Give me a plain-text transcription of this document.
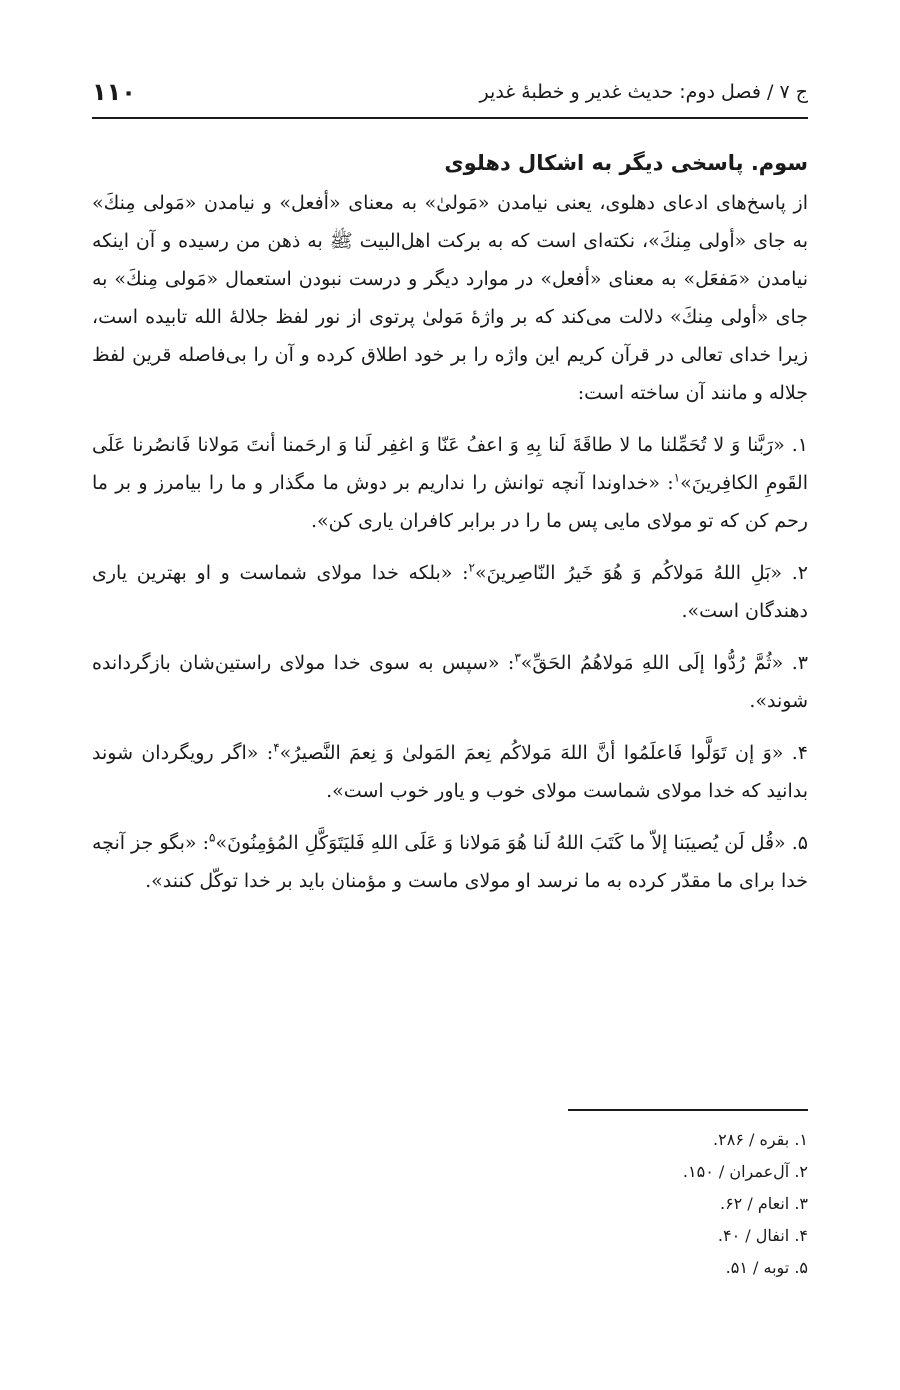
ج ٧ / فصل دوم: حدیث غدیر و خطبهٔ غدیر
١١٠
سوم. پاسخی دیگر به اشکال دهلوی

از پاسخ‌های ادعای دهلوی، یعنی نیامدن «مَولیٰ» به معنای «أفعل» و نیامدن «مَولی مِنكَ» به جای «أولی مِنكَ»، نکته‌ای است که به برکت اهل‌البیت ﷺ به ذهن من رسیده و آن اینکه نیامدن «مَفعَل» به معنای «أفعل» در موارد دیگر و درست نبودن استعمال «مَولی مِنكَ» به جای «أولی مِنكَ» دلالت می‌کند که بر واژهٔ مَولیٰ پرتوی از نور لفظ جلالهٔ الله تابیده است، زیرا خدای تعالی در قرآن کریم این واژه را بر خود اطلاق کرده و آن را بی‌فاصله قرین لفظ جلاله و مانند آن ساخته است:

١. «رَبَّنا وَ لا تُحَمِّلنا ما لا طاقَةَ لَنا بِهِ وَ اعفُ عَنّا وَ اغفِر لَنا وَ ارحَمنا أنتَ مَولانا فَانصُرنا عَلَى القَومِ الكافِرينَ»$^١$: «خداوندا آنچه توانش را نداریم بر دوش ما مگذار و ما را بیامرز و بر ما رحم کن که تو مولای مایی پس ما را در برابر کافران یاری کن».

٢. «بَلِ اللهُ مَولاكُم وَ هُوَ خَيرُ النّاصِرينَ»$^٢$: «بلکه خدا مولای شماست و او بهترین یاری دهندگان است».

٣. «ثُمَّ رُدُّوا إلَى اللهِ مَولاهُمُ الحَقِّ»$^٣$: «سپس به سوی خدا مولای راستین‌شان بازگردانده شوند».

۴. «وَ إن تَوَلَّوا فَاعلَمُوا أنَّ اللهَ مَولاكُم نِعمَ المَولىٰ وَ نِعمَ النَّصيرُ»$^۴$: «اگر رویگردان شوند بدانید که خدا مولای شماست مولای خوب و یاور خوب است».

۵. «قُل لَن يُصيبَنا إلاّ ما كَتَبَ اللهُ لَنا هُوَ مَولانا وَ عَلَى اللهِ فَليَتَوَكَّلِ المُؤمِنُونَ»$^۵$: «بگو جز آنچه خدا برای ما مقدّر کرده به ما نرسد او مولای ماست و مؤمنان باید بر خدا توکّل کنند».

١. بقره / ٢٨۶.

٢. آل‌عمران / ١۵٠.

٣. انعام / ۶٢.

۴. انفال / ۴٠.

۵. توبه / ۵١.
